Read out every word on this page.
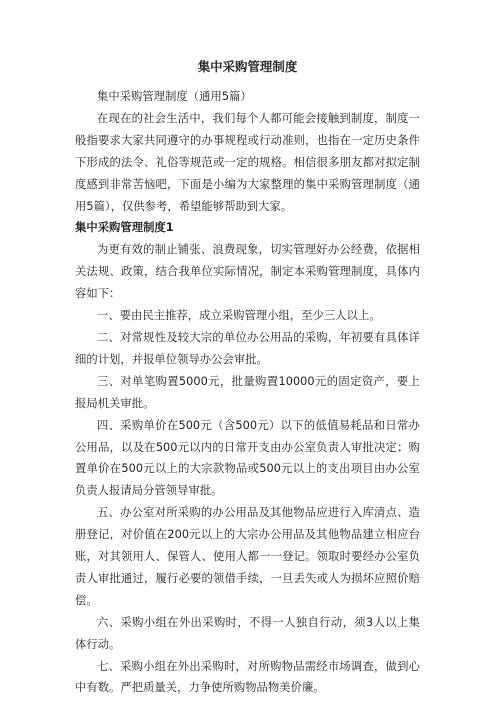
集中采购管理制度

集中采购管理制度（通用5篇）

在现在的社会生活中，我们每个人都可能会接触到制度，制度一般指要求大家共同遵守的办事规程或行动准则，也指在一定历史条件下形成的法令、礼俗等规范或一定的规格。相信很多朋友都对拟定制度感到非常苦恼吧，下面是小编为大家整理的集中采购管理制度（通用5篇），仅供参考，希望能够帮助到大家。

集中采购管理制度1

为更有效的制止铺张、浪费现象，切实管理好办公经费，依据相关法规、政策，结合我单位实际情况，制定本采购管理制度，具体内容如下：

一、要由民主推荐，成立采购管理小组，至少三人以上。

二、对常规性及较大宗的单位办公用品的采购，年初要有具体详细的计划，并报单位领导办公会审批。

三、对单笔购置5000元，批量购置10000元的固定资产，要上报局机关审批。

四、采购单价在500元（含500元）以下的低值易耗品和日常办公用品，以及在500元以内的日常开支由办公室负责人审批决定；购置单价在500元以上的大宗款物品或500元以上的支出项目由办公室负责人报请局分管领导审批。

五、办公室对所采购的办公用品及其他物品应进行入库清点、造册登记，对价值在200元以上的大宗办公用品及其他物品建立相应台账，对其领用人、保管人、使用人都一一登记。领取时要经办公室负责人审批通过，履行必要的领借手续，一旦丢失或人为损坏应照价赔偿。

六、采购小组在外出采购时，不得一人独自行动，须3人以上集体行动。

七、采购小组在外出采购时，对所购物品需经市场调查，做到心中有数。严把质量关，力争使所购物品物美价廉。
